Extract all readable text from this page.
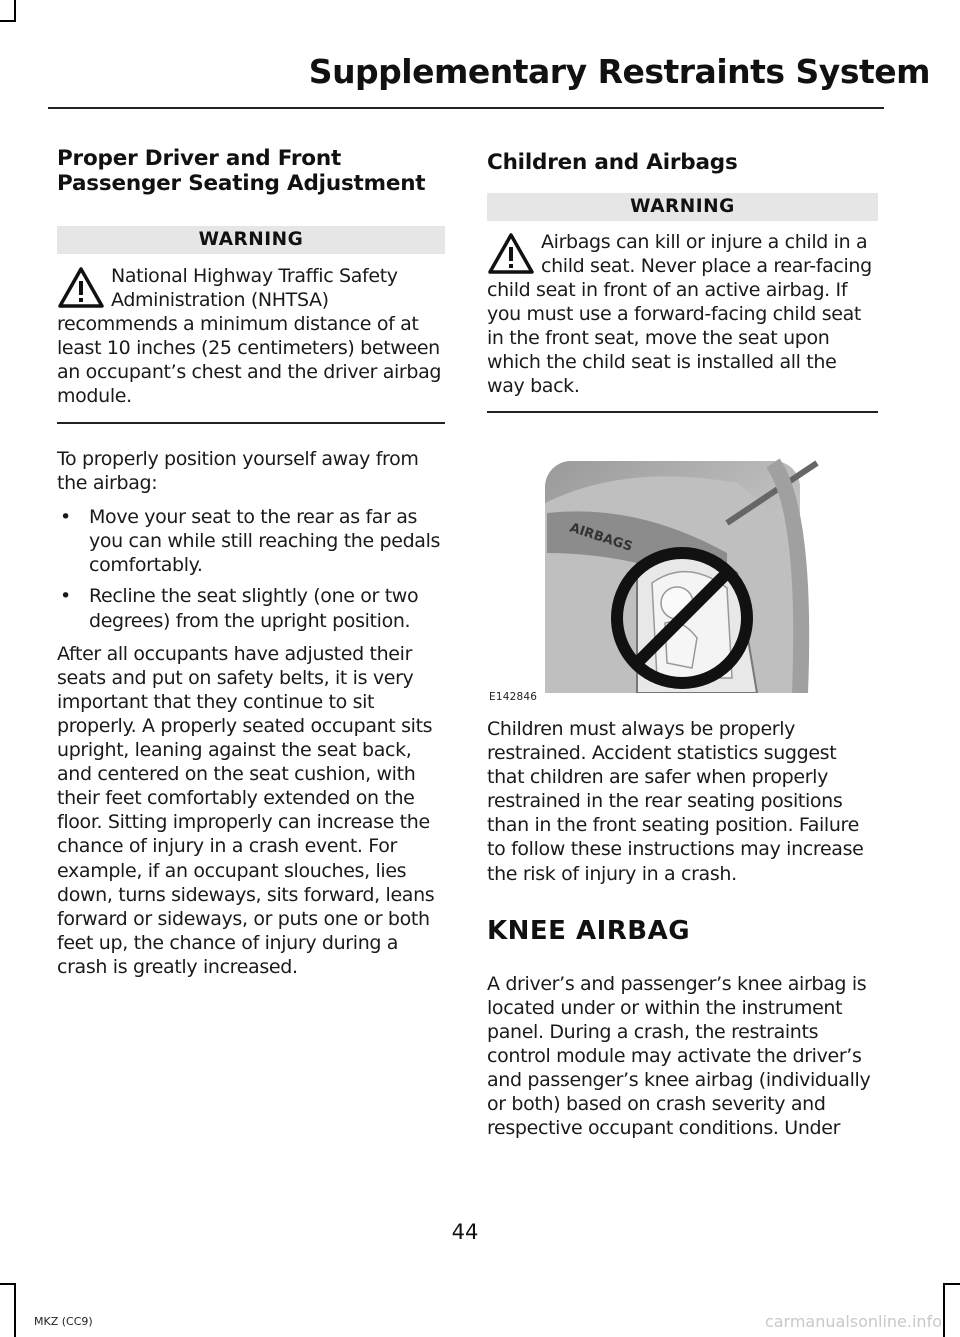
Supplementary Restraints System
Proper Driver and Front Passenger Seating Adjustment
WARNING
National Highway Traffic Safety Administration (NHTSA) recommends a minimum distance of at least 10 inches (25 centimeters) between an occupant’s chest and the driver airbag module.

To properly position yourself away from the airbag:

• Move your seat to the rear as far as you can while still reaching the pedals comfortably.
• Recline the seat slightly (one or two degrees) from the upright position.

After all occupants have adjusted their seats and put on safety belts, it is very important that they continue to sit properly. A properly seated occupant sits upright, leaning against the seat back, and centered on the seat cushion, with their feet comfortably extended on the floor. Sitting improperly can increase the chance of injury in a crash event. For example, if an occupant slouches, lies down, turns sideways, sits forward, leans forward or sideways, or puts one or both feet up, the chance of injury during a crash is greatly increased.

Children and Airbags
WARNING
Airbags can kill or injure a child in a child seat. Never place a rear-facing child seat in front of an active airbag. If you must use a forward-facing child seat in the front seat, move the seat upon which the child seat is installed all the way back.
AIRBAGS
E142846

Children must always be properly restrained. Accident statistics suggest that children are safer when properly restrained in the rear seating positions than in the front seating position. Failure to follow these instructions may increase the risk of injury in a crash.

KNEE AIRBAG

A driver’s and passenger’s knee airbag is located under or within the instrument panel. During a crash, the restraints control module may activate the driver’s and passenger’s knee airbag (individually or both) based on crash severity and respective occupant conditions. Under

44
MKZ (CC9)	carmanualsonline.info
